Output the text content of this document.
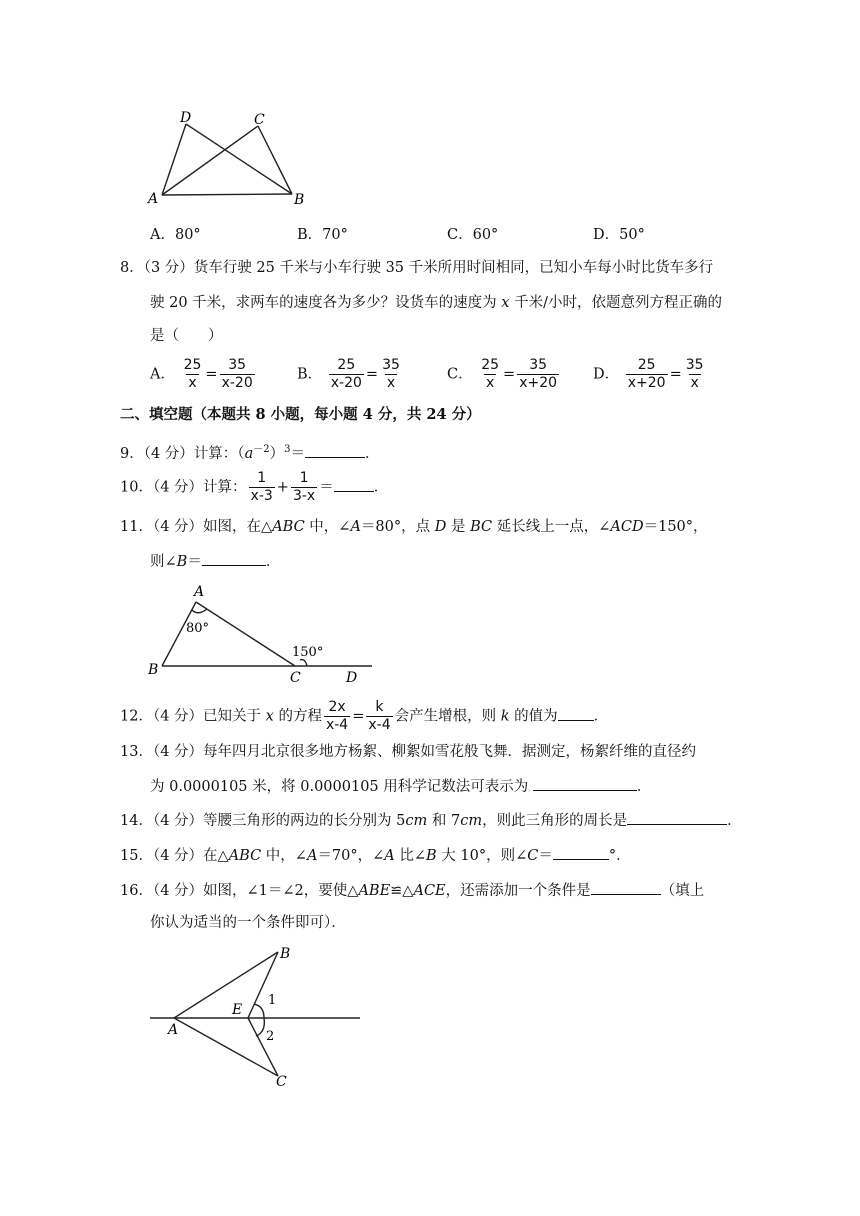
D	C
A	B
A．80°	B．70°	C．60°	D．50°
8．（3 分）货车行驶 25 千米与小车行驶 35 千米所用时间相同，已知小车每小时比货车多行
驶 20 千米，求两车的速度各为多少？设货车的速度为 x 千米/小时，依题意列方程正确的
是（　　）
A． $\frac{25}{x} = \frac{35}{x-20}$	B． $\frac{25}{x-20} = \frac{35}{x}$	C． $\frac{25}{x} = \frac{35}{x+20}$ D． $\frac{25}{x+20} = \frac{35}{x}$
二、填空题（本题共 8 小题，每小题 4 分，共 24 分）
9．（4 分）计算：$(a^{-2})^3=$	．
10．（4 分）计算： $\frac{1}{x-3} + \frac{1}{3-x}$ ＝	．
11．（4 分）如图，在△ABC 中，∠A＝80°，点 D 是 BC 延长线上一点，∠ACD＝150°，
则∠B＝	．
A
B	C	D
80°
150°
12．（4 分）已知关于 x 的方程 $\frac{2x}{x-4} = \frac{k}{x-4}$ 会产生增根，则 k 的值为 ．
13．（4 分）每年四月北京很多地方杨絮、柳絮如雪花般飞舞．据测定，杨絮纤维的直径约
为 0.0000105 米，将 0.0000105 用科学记数法可表示为	．
14．（4 分）等腰三角形的两边的长分别为 5cm 和 7cm，则此三角形的周长是	．
15．（4 分）在△ABC 中，∠A＝70°，∠A 比∠B 大 10°，则∠C＝	°．
16．（4 分）如图，∠1＝∠2，要使△ABE≌△ACE，还需添加一个条件是	（填上
你认为适当的一个条件即可）．
A
B
C
E
1
2
